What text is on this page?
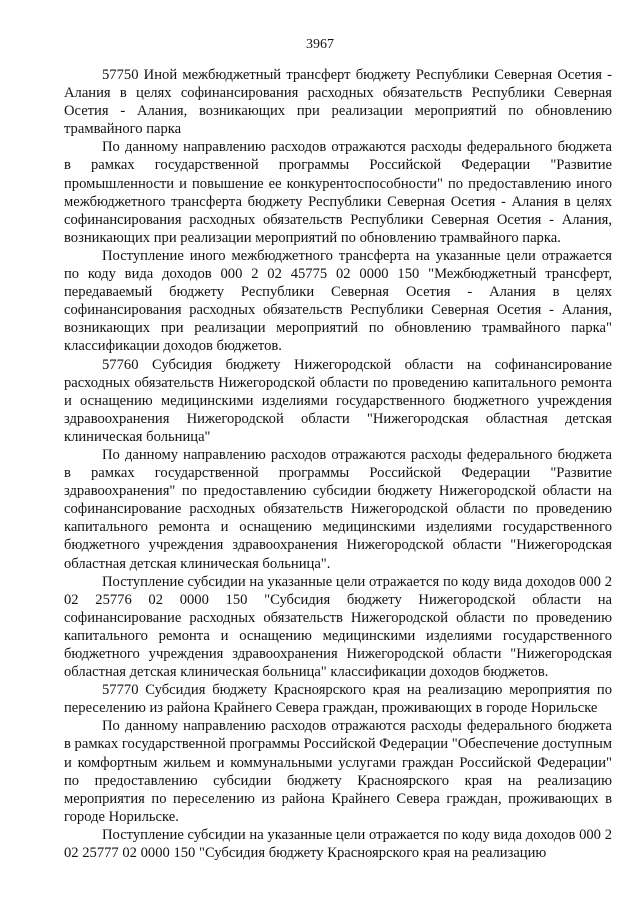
3967

57750 Иной межбюджетный трансферт бюджету Республики Северная Осетия - Алания в целях софинансирования расходных обязательств Республики Северная Осетия - Алания, возникающих при реализации мероприятий по обновлению трамвайного парка

По данному направлению расходов отражаются расходы федерального бюджета в рамках государственной программы Российской Федерации "Развитие промышленности и повышение ее конкурентоспособности" по предоставлению иного межбюджетного трансферта бюджету Республики Северная Осетия - Алания в целях софинансирования расходных обязательств Республики Северная Осетия - Алания, возникающих при реализации мероприятий по обновлению трамвайного парка.

Поступление иного межбюджетного трансферта на указанные цели отражается по коду вида доходов 000 2 02 45775 02 0000 150 "Межбюджетный трансферт, передаваемый бюджету Республики Северная Осетия - Алания в целях софинансирования расходных обязательств Республики Северная Осетия - Алания, возникающих при реализации мероприятий по обновлению трамвайного парка" классификации доходов бюджетов.

57760 Субсидия бюджету Нижегородской области на софинансирование расходных обязательств Нижегородской области по проведению капитального ремонта и оснащению медицинскими изделиями государственного бюджетного учреждения здравоохранения Нижегородской области "Нижегородская областная детская клиническая больница"

По данному направлению расходов отражаются расходы федерального бюджета в рамках государственной программы Российской Федерации "Развитие здравоохранения" по предоставлению субсидии бюджету Нижегородской области на софинансирование расходных обязательств Нижегородской области по проведению капитального ремонта и оснащению медицинскими изделиями государственного бюджетного учреждения здравоохранения Нижегородской области "Нижегородская областная детская клиническая больница".

Поступление субсидии на указанные цели отражается по коду вида доходов 000 2 02 25776 02 0000 150 "Субсидия бюджету Нижегородской области на софинансирование расходных обязательств Нижегородской области по проведению капитального ремонта и оснащению медицинскими изделиями государственного бюджетного учреждения здравоохранения Нижегородской области "Нижегородская областная детская клиническая больница" классификации доходов бюджетов.

57770 Субсидия бюджету Красноярского края на реализацию мероприятия по переселению из района Крайнего Севера граждан, проживающих в городе Норильске

По данному направлению расходов отражаются расходы федерального бюджета в рамках государственной программы Российской Федерации "Обеспечение доступным и комфортным жильем и коммунальными услугами граждан Российской Федерации" по предоставлению субсидии бюджету Красноярского края на реализацию мероприятия по переселению из района Крайнего Севера граждан, проживающих в городе Норильске.

Поступление субсидии на указанные цели отражается по коду вида доходов 000 2 02 25777 02 0000 150 "Субсидия бюджету Красноярского края на реализацию
